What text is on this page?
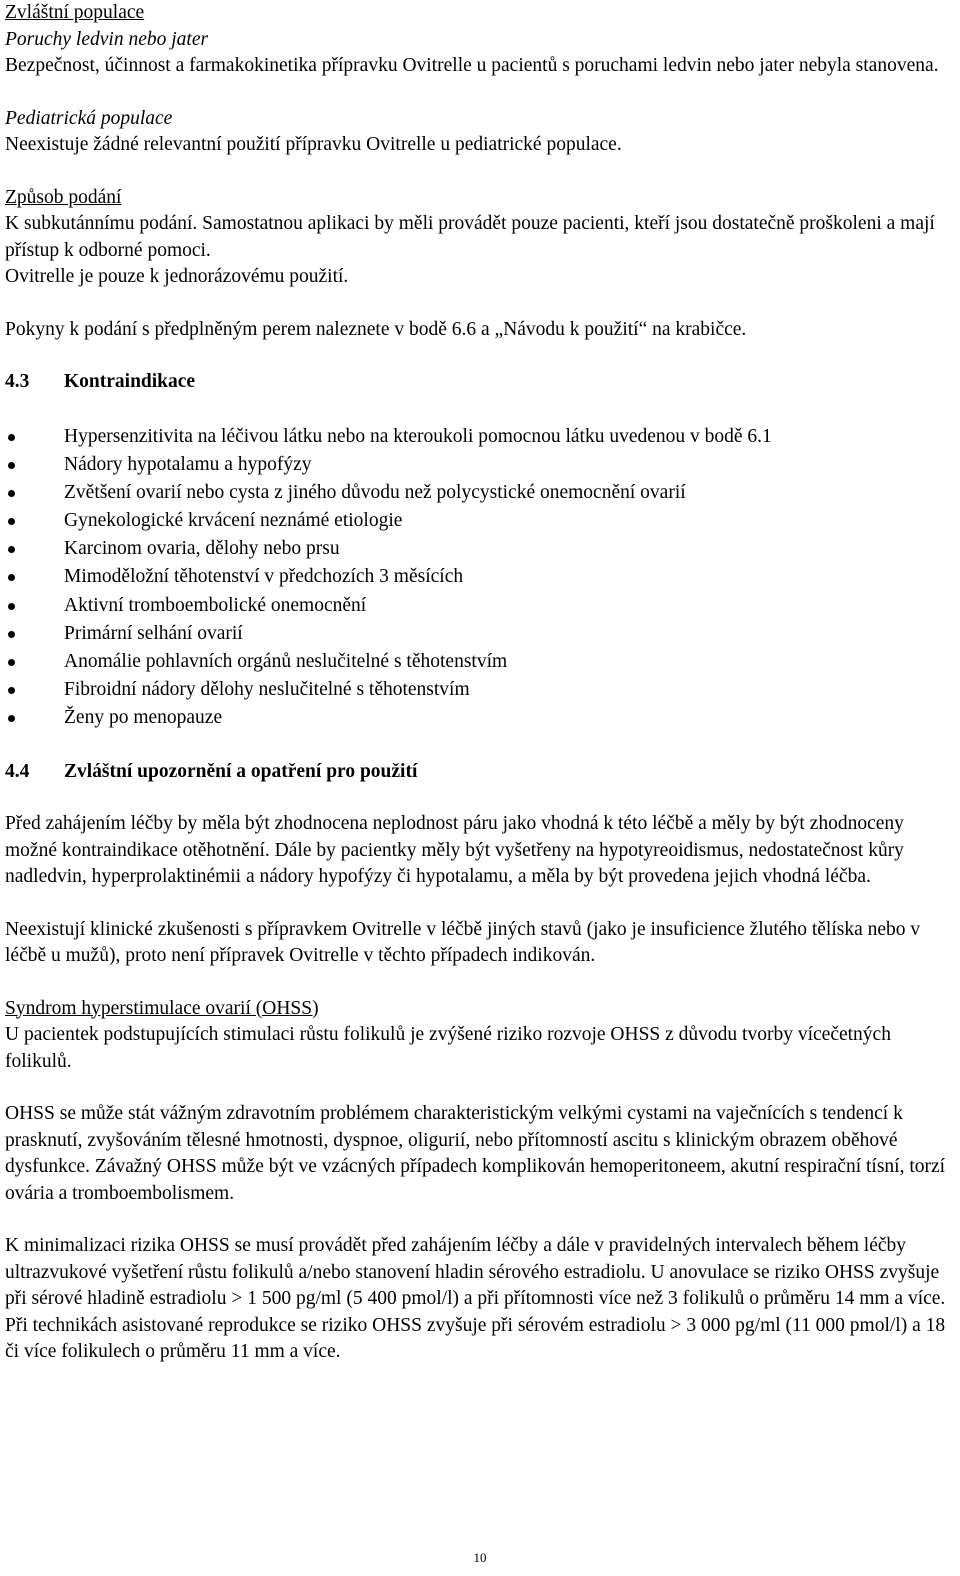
Zvláštní populace

Poruchy ledvin nebo jater

Bezpečnost, účinnost a farmakokinetika přípravku Ovitrelle u pacientů s poruchami ledvin nebo jater nebyla stanovena.

Pediatrická populace

Neexistuje žádné relevantní použití přípravku Ovitrelle u pediatrické populace.

Způsob podání

K subkutánnímu podání. Samostatnou aplikaci by měli provádět pouze pacienti, kteří jsou dostatečně proškoleni a mají přístup k odborné pomoci.

Ovitrelle je pouze k jednorázovému použití.

Pokyny k podání s předplněným perem naleznete v bodě 6.6 a „Návodu k použití“ na krabičce.

4.3	Kontraindikace
Hypersenzitivita na léčivou látku nebo na kteroukoli pomocnou látku uvedenou v bodě 6.1
Nádory hypotalamu a hypofýzy
Zvětšení ovarií nebo cysta z jiného důvodu než polycystické onemocnění ovarií
Gynekologické krvácení neznámé etiologie
Karcinom ovaria, dělohy nebo prsu
Mimoděložní těhotenství v předchozích 3 měsících
Aktivní tromboembolické onemocnění
Primární selhání ovarií
Anomálie pohlavních orgánů neslučitelné s těhotenstvím
Fibroidní nádory dělohy neslučitelné s těhotenstvím
Ženy po menopauze
4.4	Zvláštní upozornění a opatření pro použití

Před zahájením léčby by měla být zhodnocena neplodnost páru jako vhodná k této léčbě a měly by být zhodnoceny možné kontraindikace otěhotnění. Dále by pacientky měly být vyšetřeny na hypotyreoidismus, nedostatečnost kůry nadledvin, hyperprolaktinémii a nádory hypofýzy či hypotalamu, a měla by být provedena jejich vhodná léčba.

Neexistují klinické zkušenosti s přípravkem Ovitrelle v léčbě jiných stavů (jako je insuficience žlutého tělíska nebo v léčbě u mužů), proto není přípravek Ovitrelle v těchto případech indikován.

Syndrom hyperstimulace ovarií (OHSS)

U pacientek podstupujících stimulaci růstu folikulů je zvýšené riziko rozvoje OHSS z důvodu tvorby vícečetných folikulů.

OHSS se může stát vážným zdravotním problémem charakteristickým velkými cystami na vaječnících s tendencí k prasknutí, zvyšováním tělesné hmotnosti, dyspnoe, oligurií, nebo přítomností ascitu s klinickým obrazem oběhové dysfunkce. Závažný OHSS může být ve vzácných případech komplikován hemoperitoneem, akutní respirační tísní, torzí ovária a tromboembolismem.

K minimalizaci rizika OHSS se musí provádět před zahájením léčby a dále v pravidelných intervalech během léčby ultrazvukové vyšetření růstu folikulů a/nebo stanovení hladin sérového estradiolu. U anovulace se riziko OHSS zvyšuje při sérové hladině estradiolu > 1 500 pg/ml (5 400 pmol/l) a při přítomnosti více než 3 folikulů o průměru 14 mm a více. Při technikách asistované reprodukce se riziko OHSS zvyšuje při sérovém estradiolu > 3 000 pg/ml (11 000 pmol/l) a 18 či více folikulech o průměru 11 mm a více.

10
